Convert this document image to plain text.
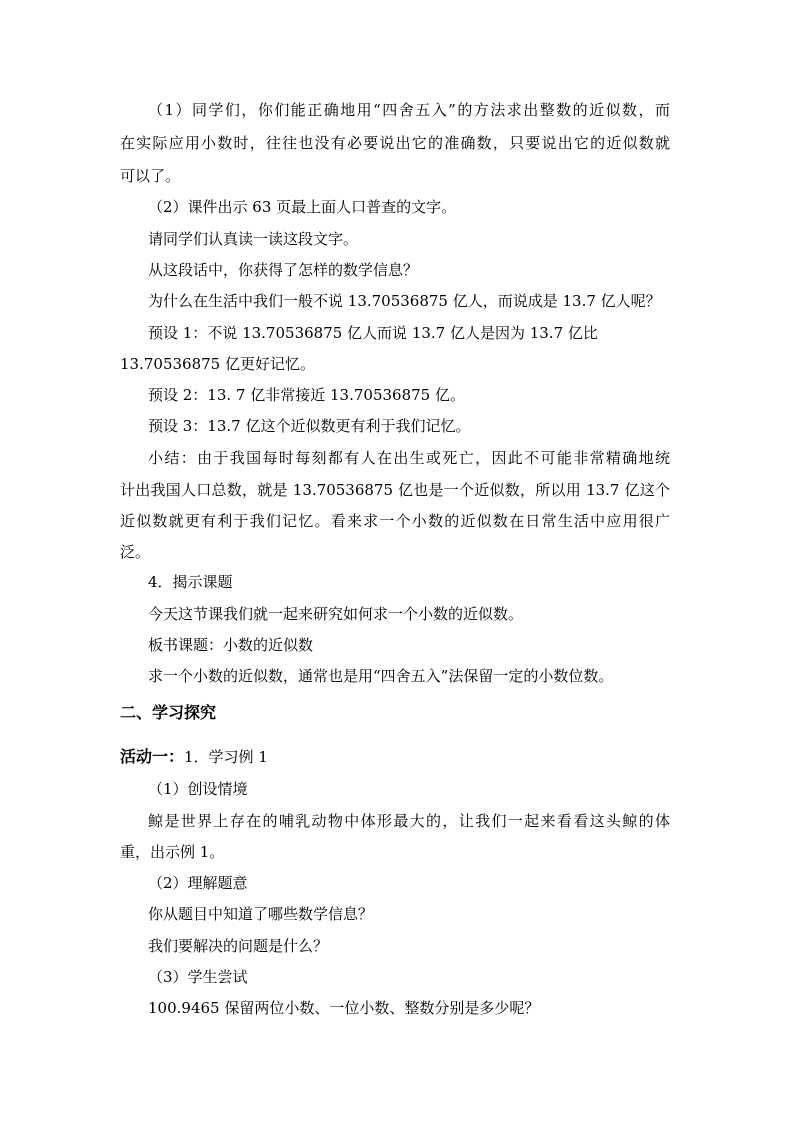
（1）同学们，你们能正确地用“四舍五入”的方法求出整数的近似数，而
在实际应用小数时，往往也没有必要说出它的准确数，只要说出它的近似数就
可以了。
（2）课件出示 63 页最上面人口普查的文字。
请同学们认真读一读这段文字。
从这段话中，你获得了怎样的数学信息？
为什么在生活中我们一般不说 13.70536875 亿人，而说成是 13.7 亿人呢？
预设 1：不说 13.70536875 亿人而说 13.7 亿人是因为 13.7 亿比
13.70536875 亿更好记忆。
预设 2：13. 7 亿非常接近 13.70536875 亿。
预设 3：13.7 亿这个近似数更有利于我们记忆。
小结：由于我国每时每刻都有人在出生或死亡，因此不可能非常精确地统
计出我国人口总数，就是 13.70536875 亿也是一个近似数，所以用 13.7 亿这个
近似数就更有利于我们记忆。看来求一个小数的近似数在日常生活中应用很广
泛。
4．揭示课题
今天这节课我们就一起来研究如何求一个小数的近似数。
板书课题：小数的近似数
求一个小数的近似数，通常也是用“四舍五入”法保留一定的小数位数。
二、学习探究
活动一：1．学习例 1
（1）创设情境
鲸是世界上存在的哺乳动物中体形最大的，让我们一起来看看这头鲸的体
重，出示例 1。
（2）理解题意
你从题目中知道了哪些数学信息？
我们要解决的问题是什么？
（3）学生尝试
100.9465 保留两位小数、一位小数、整数分别是多少呢？
